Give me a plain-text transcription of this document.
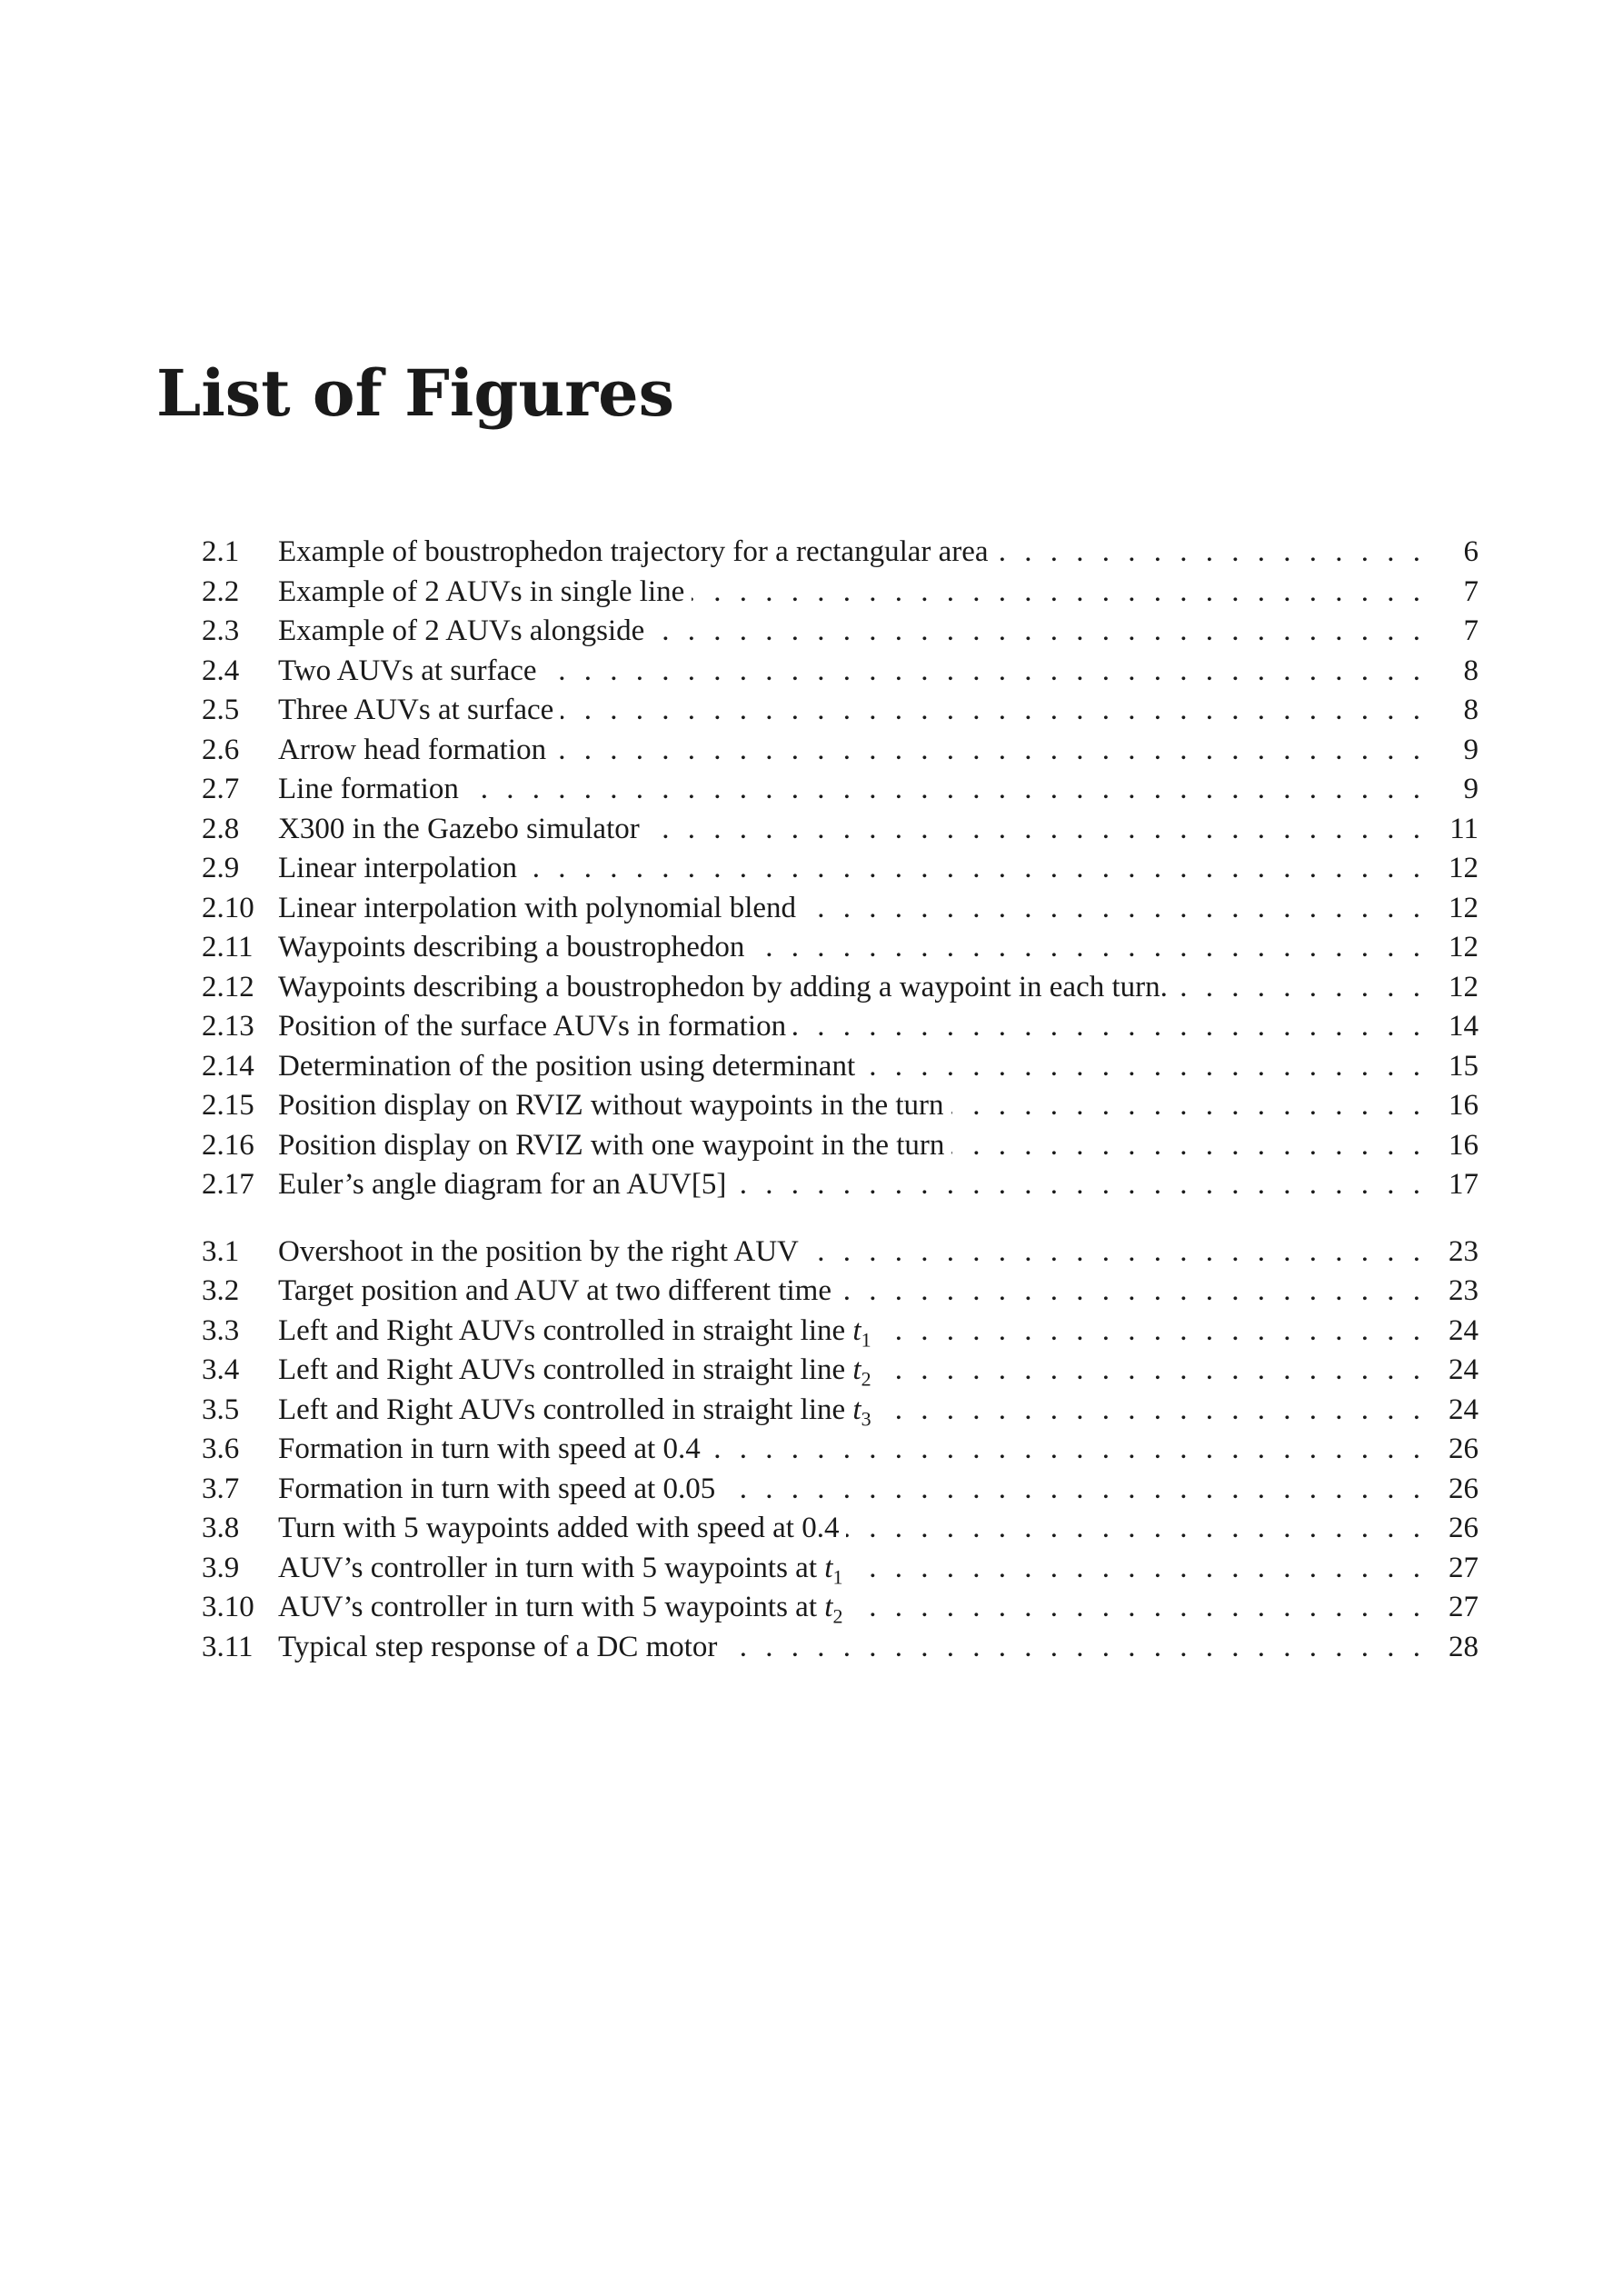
List of Figures
2.1	Example of boustrophedon trajectory for a rectangular area . . .	6
2.2	Example of 2 AUVs in single line . . .	7
2.3	Example of 2 AUVs alongside . . .	7
2.4	Two AUVs at surface . . .	8
2.5	Three AUVs at surface . . .	8
2.6	Arrow head formation . . .	9
2.7	Line formation . . .	9
2.8	X300 in the Gazebo simulator . . .	11
2.9	Linear interpolation . . .	12
2.10 Linear interpolation with polynomial blend . . .	12
2.11 Waypoints describing a boustrophedon . . .	12
2.12 Waypoints describing a boustrophedon by adding a waypoint in each turn. . . .	12
2.13 Position of the surface AUVs in formation . . .	14
2.14 Determination of the position using determinant . . .	15
2.15 Position display on RVIZ without waypoints in the turn . . .	16
2.16 Position display on RVIZ with one waypoint in the turn . . .	16
2.17 Euler’s angle diagram for an AUV[5] . . .	17
3.1	Overshoot in the position by the right AUV . . .	23
3.2	Target position and AUV at two different time . . .	23
3.3	Left and Right AUVs controlled in straight line $t_1$ . . .	24
3.4	Left and Right AUVs controlled in straight line $t_2$ . . .	24
3.5	Left and Right AUVs controlled in straight line $t_3$ . . .	24
3.6	Formation in turn with speed at 0.4 . . .	26
3.7	Formation in turn with speed at 0.05 . . .	26
3.8	Turn with 5 waypoints added with speed at 0.4 . . .	26
3.9	AUV’s controller in turn with 5 waypoints at $t_1$ . . .	27
3.10 AUV’s controller in turn with 5 waypoints at $t_2$ . . .	27
3.11 Typical step response of a DC motor . . .	28
